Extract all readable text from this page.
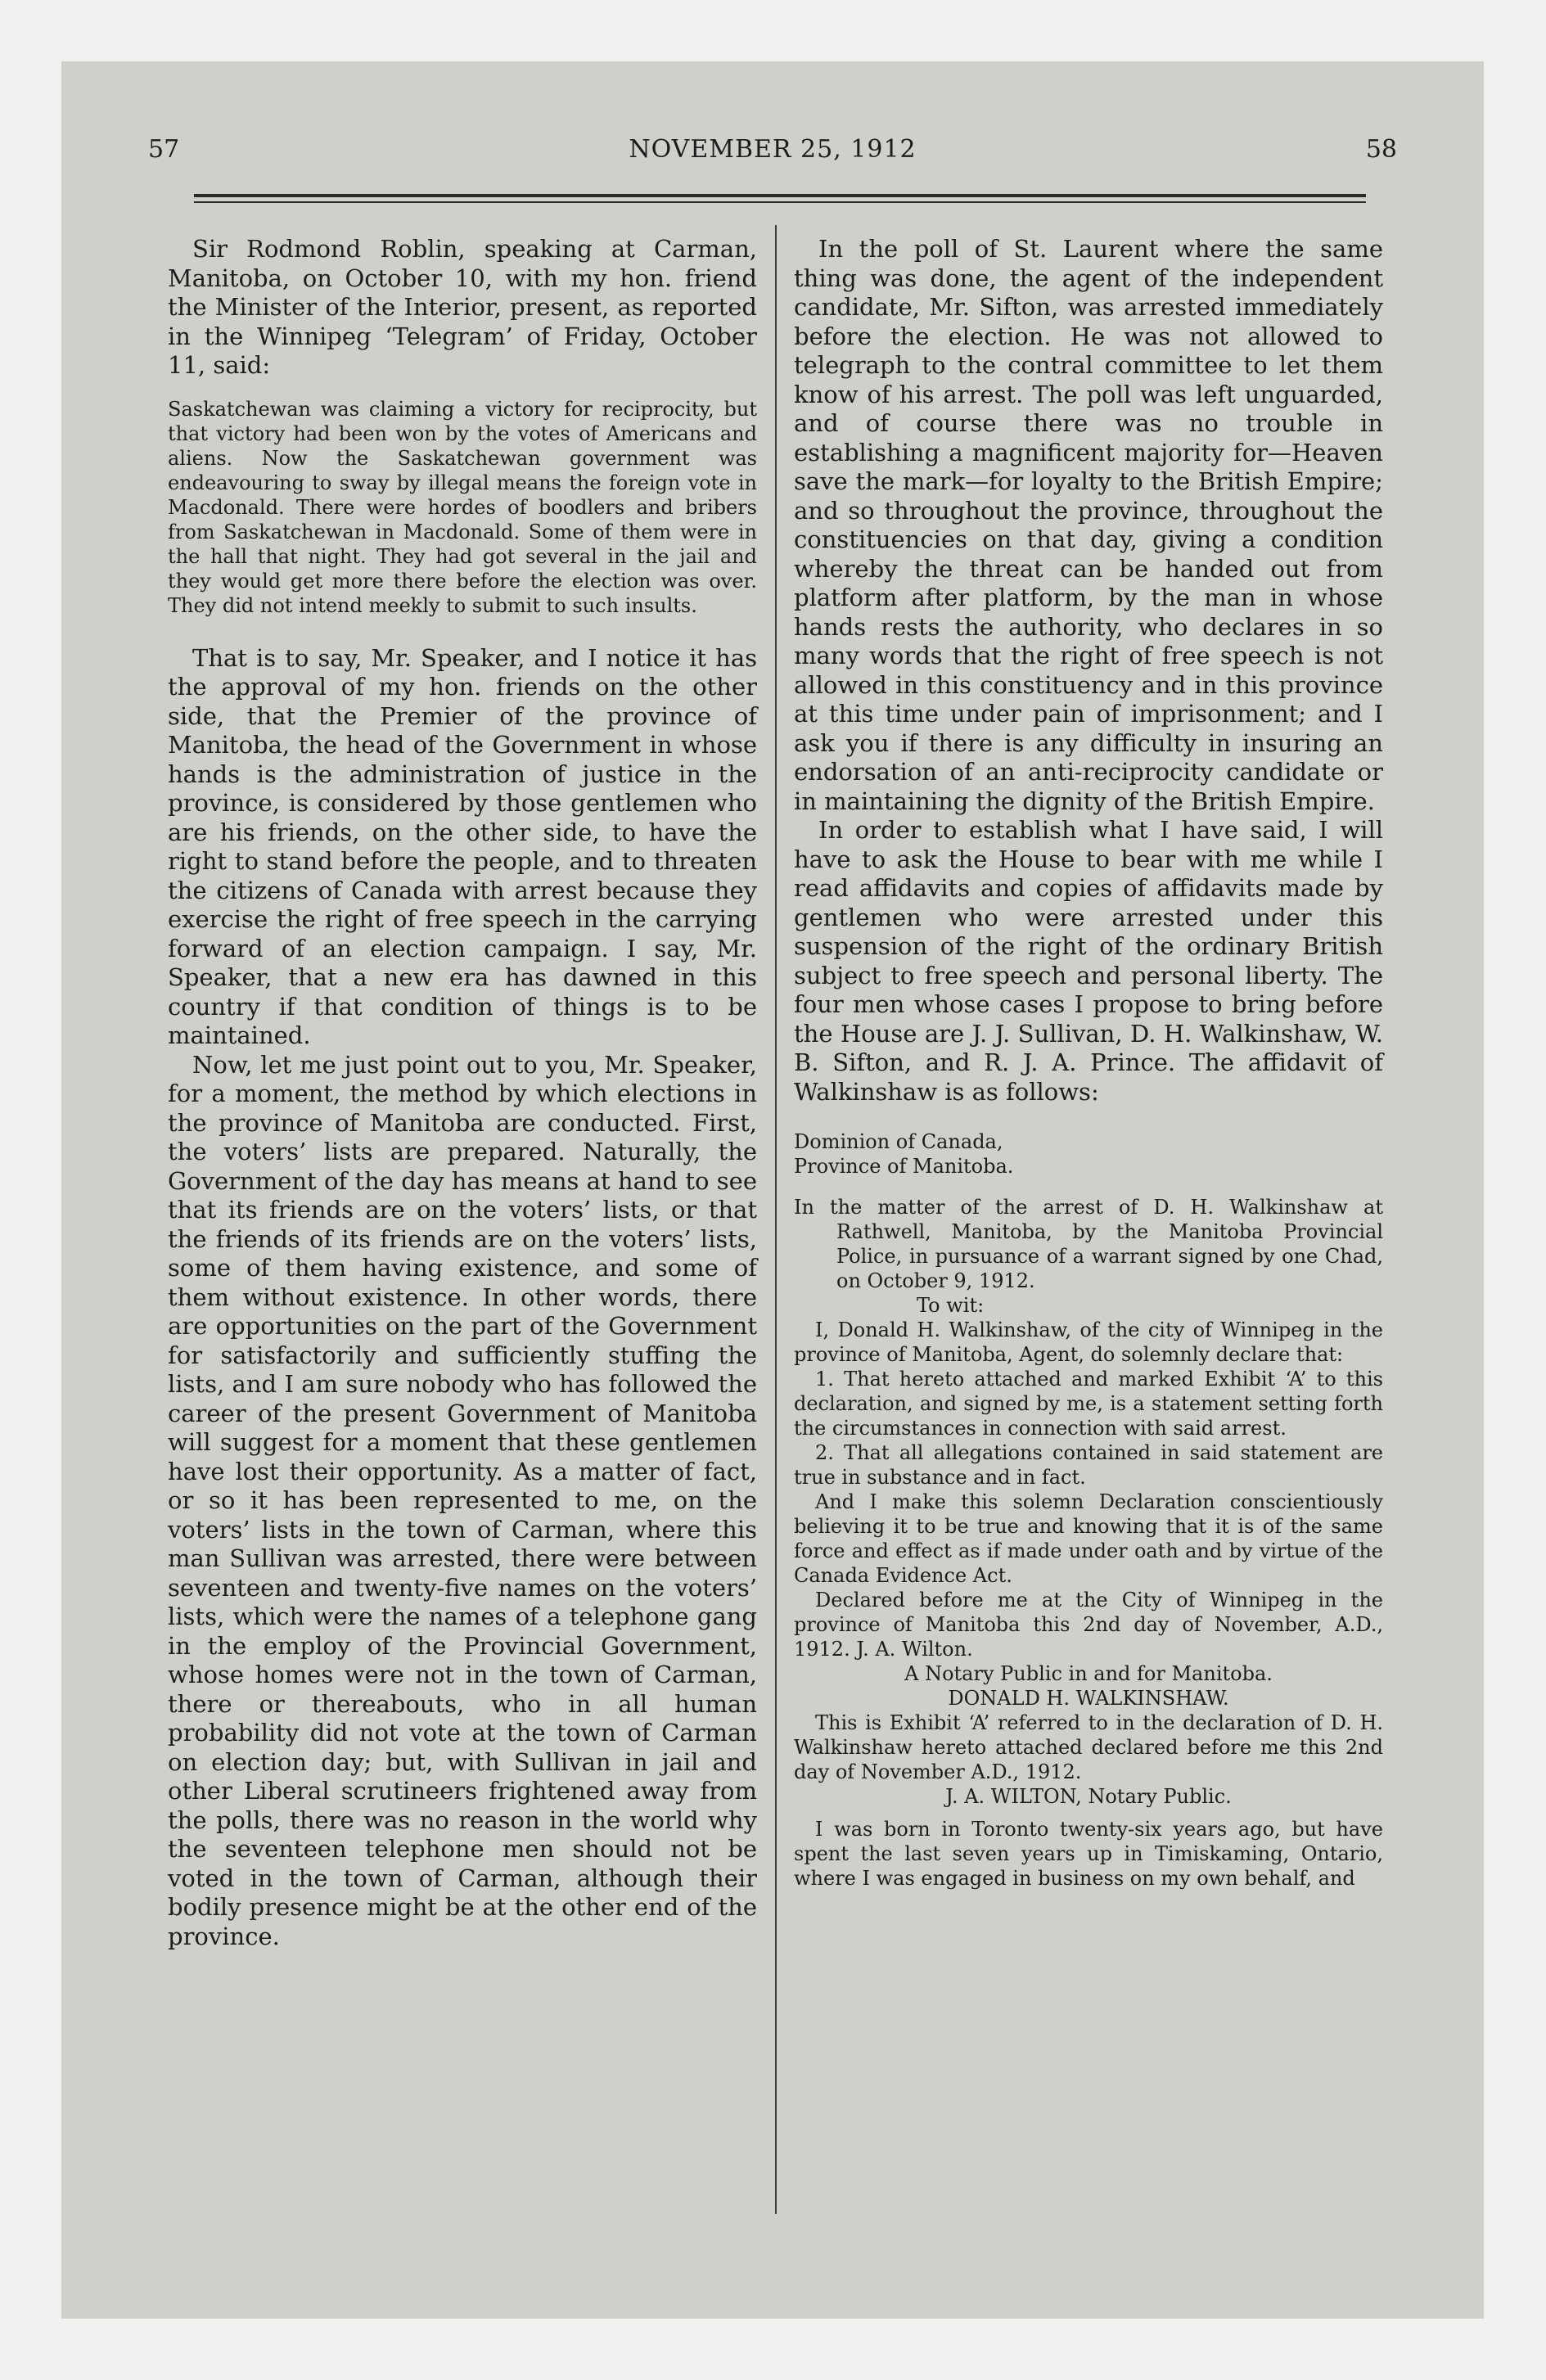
57	NOVEMBER 25, 1912	58

Sir Rodmond Roblin, speaking at Carman, Manitoba, on October 10, with my hon. friend the Minister of the Interior, present, as reported in the Winnipeg ‘Telegram’ of Friday, October 11, said:

Saskatchewan was claiming a victory for reciprocity, but that victory had been won by the votes of Americans and aliens. Now the Saskatchewan government was endeavouring to sway by illegal means the foreign vote in Macdonald. There were hordes of boodlers and bribers from Saskatchewan in Macdonald. Some of them were in the hall that night. They had got several in the jail and they would get more there before the election was over. They did not intend meekly to submit to such insults.

That is to say, Mr. Speaker, and I notice it has the approval of my hon. friends on the other side, that the Premier of the province of Manitoba, the head of the Government in whose hands is the administration of justice in the province, is considered by those gentlemen who are his friends, on the other side, to have the right to stand before the people, and to threaten the citizens of Canada with arrest because they exercise the right of free speech in the carrying forward of an election campaign. I say, Mr. Speaker, that a new era has dawned in this country if that condition of things is to be maintained.

Now, let me just point out to you, Mr. Speaker, for a moment, the method by which elections in the province of Manitoba are conducted. First, the voters’ lists are prepared. Naturally, the Government of the day has means at hand to see that its friends are on the voters’ lists, or that the friends of its friends are on the voters’ lists, some of them having existence, and some of them without existence. In other words, there are opportunities on the part of the Government for satisfactorily and sufficiently stuffing the lists, and I am sure nobody who has followed the career of the present Government of Manitoba will suggest for a moment that these gentlemen have lost their opportunity. As a matter of fact, or so it has been represented to me, on the voters’ lists in the town of Carman, where this man Sullivan was arrested, there were between seventeen and twenty-five names on the voters’ lists, which were the names of a telephone gang in the employ of the Provincial Government, whose homes were not in the town of Carman, there or thereabouts, who in all human probability did not vote at the town of Carman on election day; but, with Sullivan in jail and other Liberal scrutineers frightened away from the polls, there was no reason in the world why the seventeen telephone men should not be voted in the town of Carman, although their bodily presence might be at the other end of the province.

In the poll of St. Laurent where the same thing was done, the agent of the independent candidate, Mr. Sifton, was arrested immediately before the election. He was not allowed to telegraph to the contral committee to let them know of his arrest. The poll was left unguarded, and of course there was no trouble in establishing a magnificent majority for—Heaven save the mark—for loyalty to the British Empire; and so throughout the province, throughout the constituencies on that day, giving a condition whereby the threat can be handed out from platform after platform, by the man in whose hands rests the authority, who declares in so many words that the right of free speech is not allowed in this constituency and in this province at this time under pain of imprisonment; and I ask you if there is any difficulty in insuring an endorsation of an anti-reciprocity candidate or in maintaining the dignity of the British Empire.

In order to establish what I have said, I will have to ask the House to bear with me while I read affidavits and copies of affidavits made by gentlemen who were arrested under this suspension of the right of the ordinary British subject to free speech and personal liberty. The four men whose cases I propose to bring before the House are J. J. Sullivan, D. H. Walkinshaw, W. B. Sifton, and R. J. A. Prince. The affidavit of Walkinshaw is as follows:

Dominion of Canada,

Province of Manitoba.

In the matter of the arrest of D. H. Walkinshaw at Rathwell, Manitoba, by the Manitoba Provincial Police, in pursuance of a warrant signed by one Chad, on October 9, 1912.

To wit:

I, Donald H. Walkinshaw, of the city of Winnipeg in the province of Manitoba, Agent, do solemnly declare that:

1. That hereto attached and marked Exhibit ‘A’ to this declaration, and signed by me, is a statement setting forth the circumstances in connection with said arrest.

2. That all allegations contained in said statement are true in substance and in fact.

And I make this solemn Declaration conscientiously believing it to be true and knowing that it is of the same force and effect as if made under oath and by virtue of the Canada Evidence Act.

Declared before me at the City of Winnipeg in the province of Manitoba this 2nd day of November, A.D., 1912. J. A. Wilton.

A Notary Public in and for Manitoba.

DONALD H. WALKINSHAW.

This is Exhibit ‘A’ referred to in the declaration of D. H. Walkinshaw hereto attached declared before me this 2nd day of November A.D., 1912.

J. A. WILTON, Notary Public.

I was born in Toronto twenty-six years ago, but have spent the last seven years up in Timiskaming, Ontario, where I was engaged in business on my own behalf, and
